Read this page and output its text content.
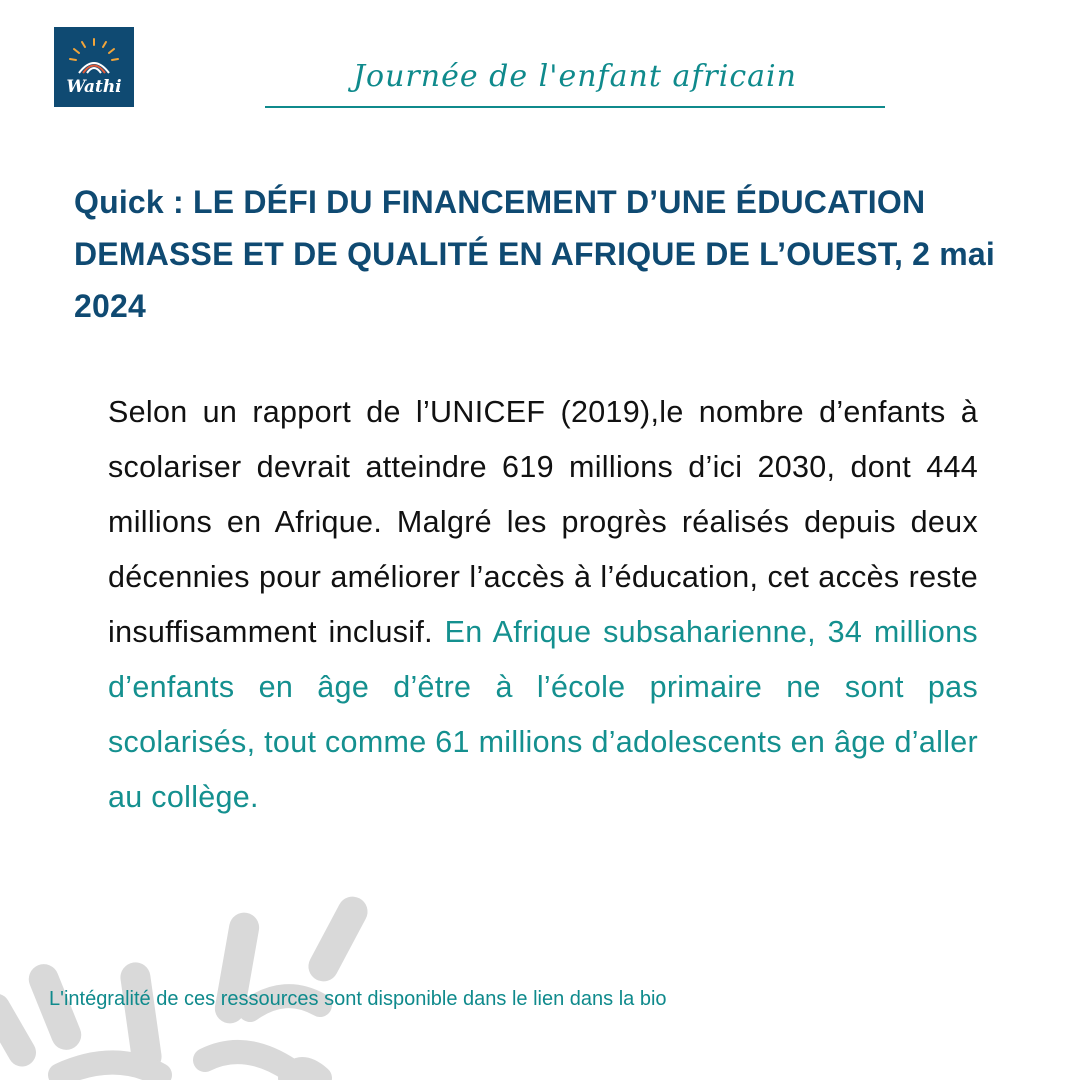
Wathi	Journée de l'enfant africain
Quick : LE DÉFI DU FINANCEMENT D’UNE ÉDUCATION DEMASSE ET DE QUALITÉ EN AFRIQUE DE L’OUEST, 2 mai 2024
Selon un rapport de l’UNICEF (2019),le nombre d’enfants à scolariser devrait atteindre 619 millions d’ici 2030, dont 444 millions en Afrique. Malgré les progrès réalisés depuis deux décennies pour améliorer l’accès à l’éducation, cet accès reste insuffisamment inclusif. En Afrique subsaharienne, 34 millions d’enfants en âge d’être à l’école primaire ne sont pas scolarisés, tout comme 61 millions d’adolescents en âge d’aller au collège.
L'intégralité de ces ressources sont disponible dans le lien dans la bio
